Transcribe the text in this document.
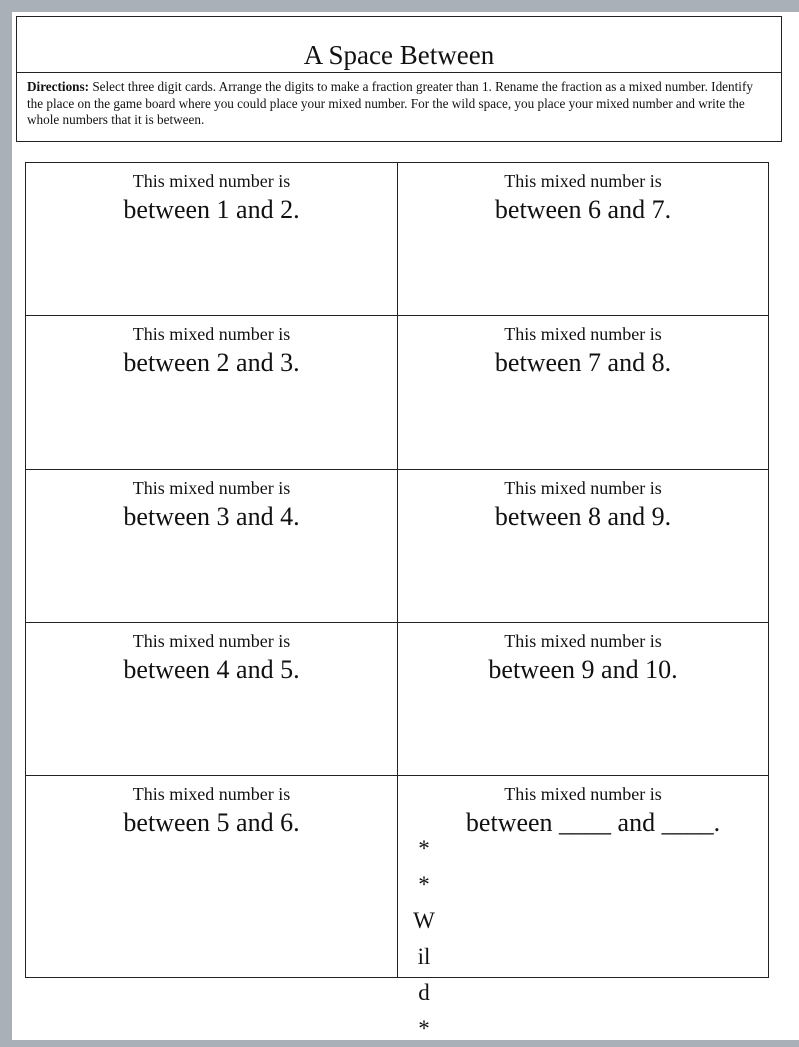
A Space Between
Directions: Select three digit cards. Arrange the digits to make a fraction greater than 1. Rename the fraction as a mixed number. Identify the place on the game board where you could place your mixed number. For the wild space, you place your mixed number and write the whole numbers that it is between.
This mixed number is
between 1 and 2.
This mixed number is
between 6 and 7.
This mixed number is
between 2 and 3.
This mixed number is
between 7 and 8.
This mixed number is
between 3 and 4.
This mixed number is
between 8 and 9.
This mixed number is
between 4 and 5.
This mixed number is
between 9 and 10.
This mixed number is
between 5 and 6.
This mixed number is
between ____ and ____.
*
*
W
il
d
*
